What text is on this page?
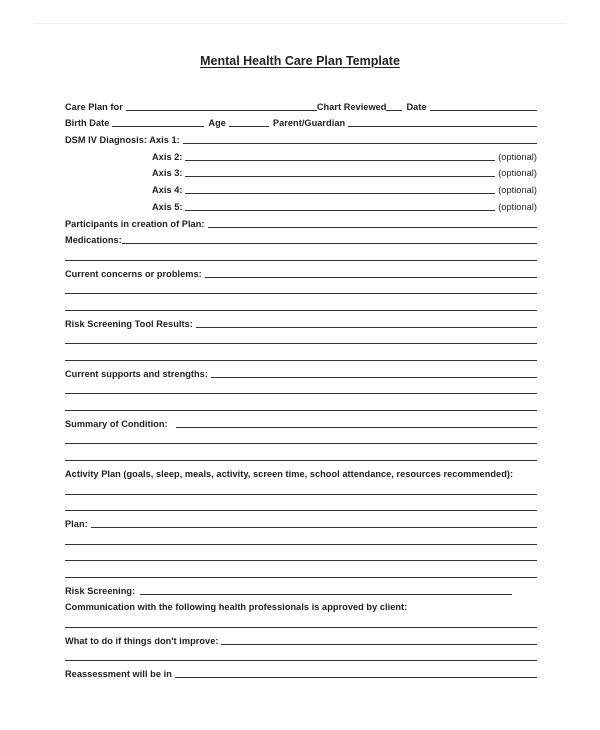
Mental Health Care Plan Template
Care Plan for	Chart Reviewed Date
Birth Date	Age	Parent/Guardian
DSM IV Diagnosis: Axis 1:
Axis 2:	(optional)
Axis 3:	(optional)
Axis 4:	(optional)
Axis 5:	(optional)
Participants in creation of Plan:
Medications:
Current concerns or problems:
Risk Screening Tool Results:
Current supports and strengths:
Summary of Condition:
Activity Plan (goals, sleep, meals, activity, screen time, school attendance, resources recommended):
Plan:
Risk Screening:
Communication with the following health professionals is approved by client:
What to do if things don't improve:
Reassessment will be in
